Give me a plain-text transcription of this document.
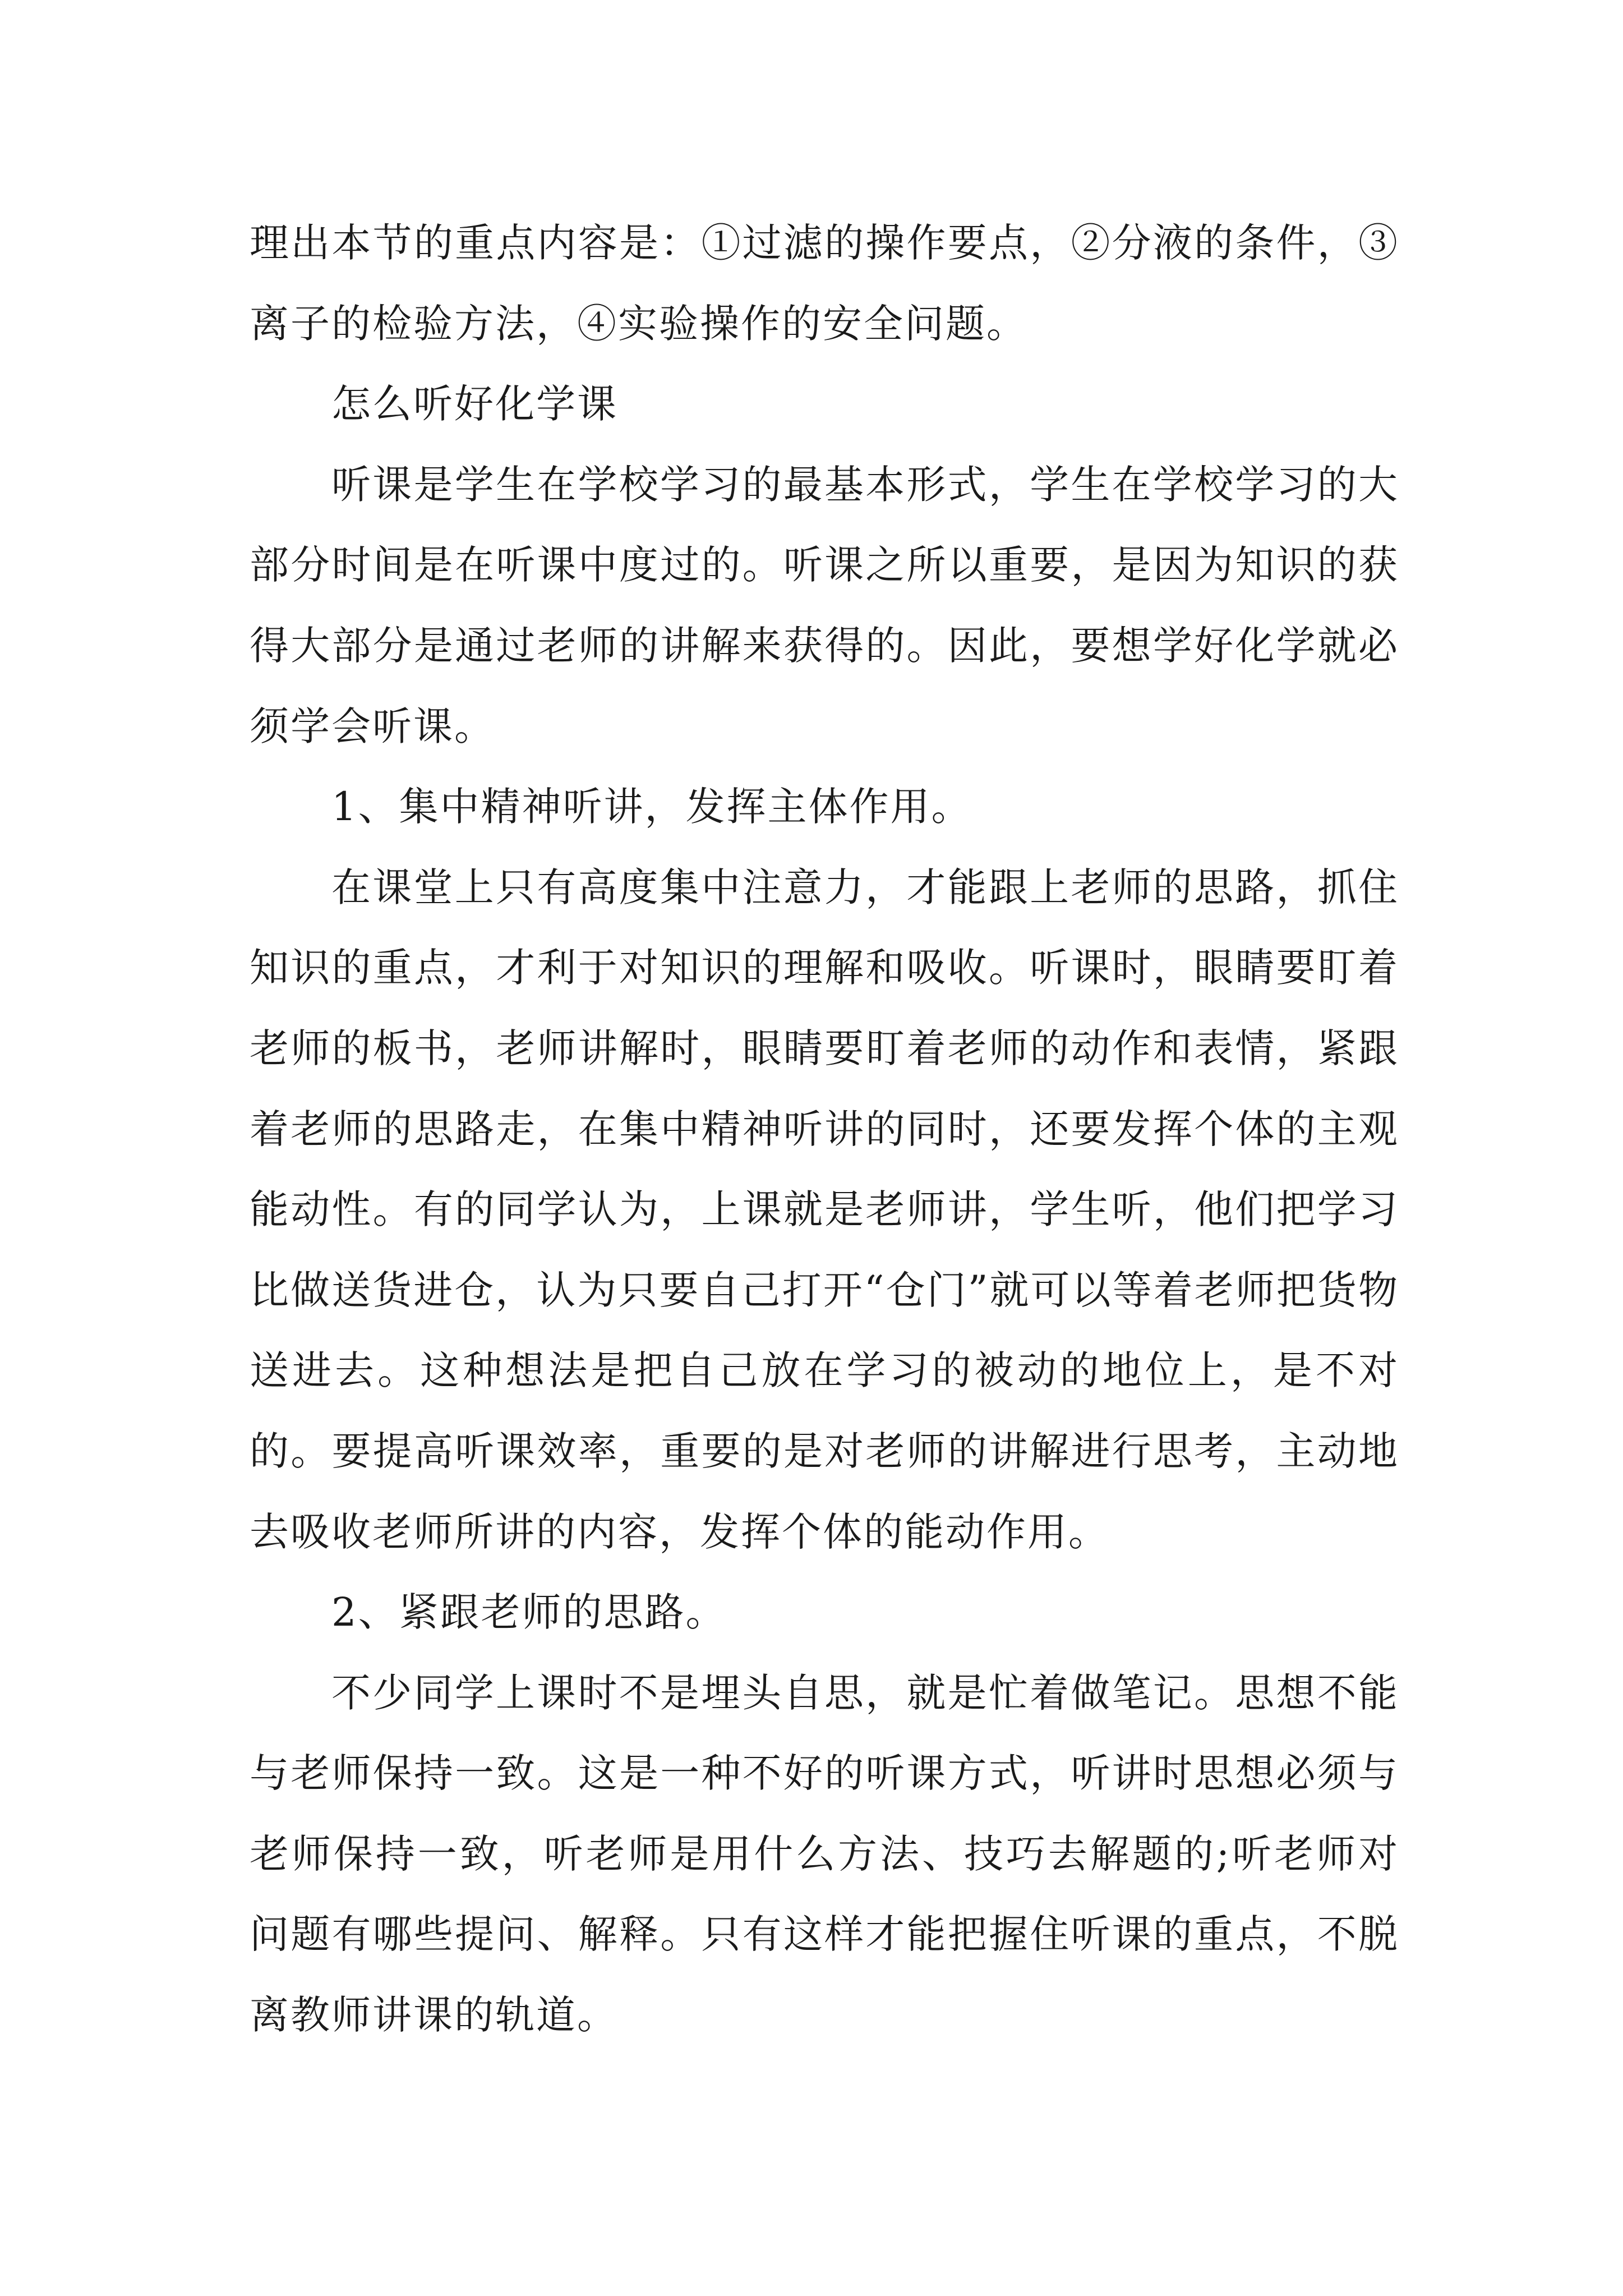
理出本节的重点内容是：①过滤的操作要点，②分液的条件，③离子的检验方法，④实验操作的安全问题。

怎么听好化学课

听课是学生在学校学习的最基本形式，学生在学校学习的大部分时间是在听课中度过的。听课之所以重要，是因为知识的获得大部分是通过老师的讲解来获得的。因此，要想学好化学就必须学会听课。

1、集中精神听讲，发挥主体作用。

在课堂上只有高度集中注意力，才能跟上老师的思路，抓住知识的重点，才利于对知识的理解和吸收。听课时，眼睛要盯着老师的板书，老师讲解时，眼睛要盯着老师的动作和表情，紧跟着老师的思路走，在集中精神听讲的同时，还要发挥个体的主观能动性。有的同学认为，上课就是老师讲，学生听，他们把学习比做送货进仓，认为只要自己打开“仓门”就可以等着老师把货物送进去。这种想法是把自己放在学习的被动的地位上，是不对的。要提高听课效率，重要的是对老师的讲解进行思考，主动地去吸收老师所讲的内容，发挥个体的能动作用。

2、紧跟老师的思路。

不少同学上课时不是埋头自思，就是忙着做笔记。思想不能与老师保持一致。这是一种不好的听课方式，听讲时思想必须与老师保持一致，听老师是用什么方法、技巧去解题的;听老师对问题有哪些提问、解释。只有这样才能把握住听课的重点，不脱离教师讲课的轨道。
